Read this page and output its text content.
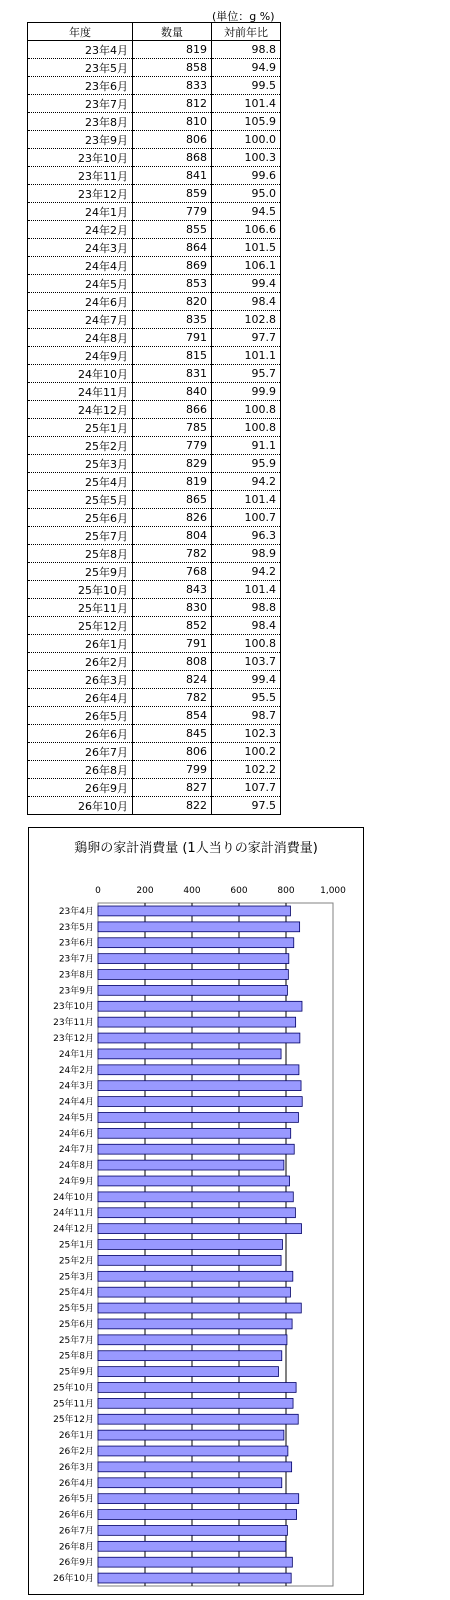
(単位：g %)
年度	数量	対前年比
23年4月	819	98.8
23年5月	858	94.9
23年6月	833	99.5
23年7月	812	101.4
23年8月	810	105.9
23年9月	806	100.0
23年10月	868	100.3
23年11月	841	99.6
23年12月	859	95.0
24年1月	779	94.5
24年2月	855	106.6
24年3月	864	101.5
24年4月	869	106.1
24年5月	853	99.4
24年6月	820	98.4
24年7月	835	102.8
24年8月	791	97.7
24年9月	815	101.1
24年10月	831	95.7
24年11月	840	99.9
24年12月	866	100.8
25年1月	785	100.8
25年2月	779	91.1
25年3月	829	95.9
25年4月	819	94.2
25年5月	865	101.4
25年6月	826	100.7
25年7月	804	96.3
25年8月	782	98.9
25年9月	768	94.2
25年10月	843	101.4
25年11月	830	98.8
25年12月	852	98.4
26年1月	791	100.8
26年2月	808	103.7
26年3月	824	99.4
26年4月	782	95.5
26年5月	854	98.7
26年6月	845	102.3
26年7月	806	100.2
26年8月	799	102.2
26年9月	827	107.7
26年10月	822	97.5
鶏卵の家計消費量 (1人当りの家計消費量)
0	200	400	600	800	1,000
23年4月
23年5月
23年6月
23年7月
23年8月
23年9月
23年10月
23年11月
23年12月
24年1月
24年2月
24年3月
24年4月
24年5月
24年6月
24年7月
24年8月
24年9月
24年10月
24年11月
24年12月
25年1月
25年2月
25年3月
25年4月
25年5月
25年6月
25年7月
25年8月
25年9月
25年10月
25年11月
25年12月
26年1月
26年2月
26年3月
26年4月
26年5月
26年6月
26年7月
26年8月
26年9月
26年10月
